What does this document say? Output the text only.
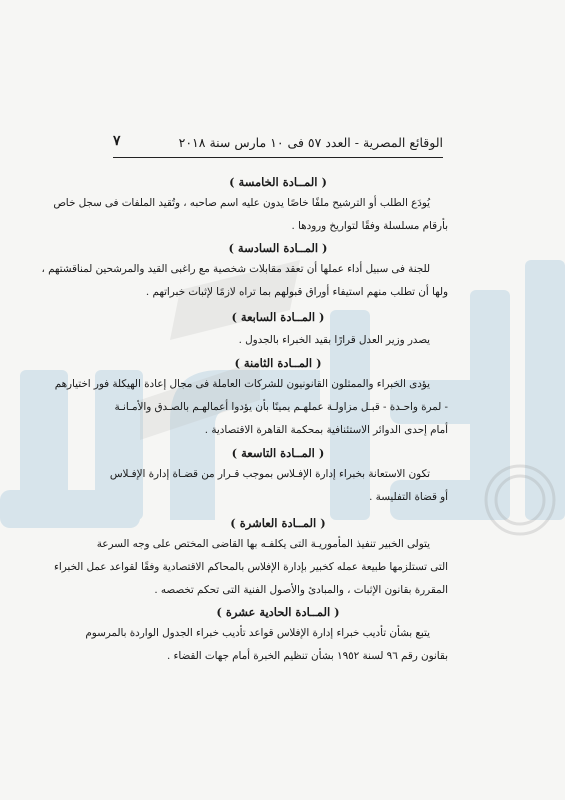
الوقائع المصرية - العدد ٥٧ فى ١٠ مارس سنة ٢٠١٨
٧
( المــادة الخامسة )
يُودَع الطلب أو الترشيح ملفًا خاصًا يدون عليه اسم صاحبه ، وتُقيد الملفات فى سجل خاص
بأرقام مسلسلة وفقًا لتواريخ ورودها .
( المــادة السادسة )
للجنة فى سبيل أداء عملها أن تعقد مقابلات شخصية مع راغبى القيد والمرشحين لمناقشتهم ،
ولها أن تطلب منهم استيفاء أوراق قبولهم بما تراه لازمًا لإثبات خبراتهم .
( المــادة السابعة )
يصدر وزير العدل قرارًا بقيد الخبراء بالجدول .
( المــادة الثامنة )
يؤدى الخبراء والممثلون القانونيون للشركات العاملة فى مجال إعادة الهيكلة فور اختيارهم
- لمرة واحـدة - قبـل مزاولـة عملهـم يمينًا بأن يؤدوا أعمالهـم بالصـدق والأمـانـة
أمام إحدى الدوائر الاستئنافية بمحكمة القاهرة الاقتصادية .
( المــادة التاسعة )
تكون الاستعانة بخبراء إدارة الإفـلاس بموجب قـرار من قضـاة إدارة الإفـلاس
أو قضاة التفليسة .
( المــادة العاشرة )
يتولى الخبير تنفيذ المأموريـة التى يكلفـه بها القاضى المختص على وجه السرعة
التى تستلزمها طبيعة عمله كخبير بإدارة الإفلاس بالمحاكم الاقتصادية وفقًا لقواعد عمل الخبراء
المقررة بقانون الإثبات ، والمبادئ والأصول الفنية التى تحكم تخصصه .
( المــادة الحادية عشرة )
يتبع بشأن تأديب خبراء إدارة الإفلاس قواعد تأديب خبراء الجدول الواردة بالمرسوم
بقانون رقم ٩٦ لسنة ١٩٥٢ بشأن تنظيم الخبرة أمام جهات القضاء .
